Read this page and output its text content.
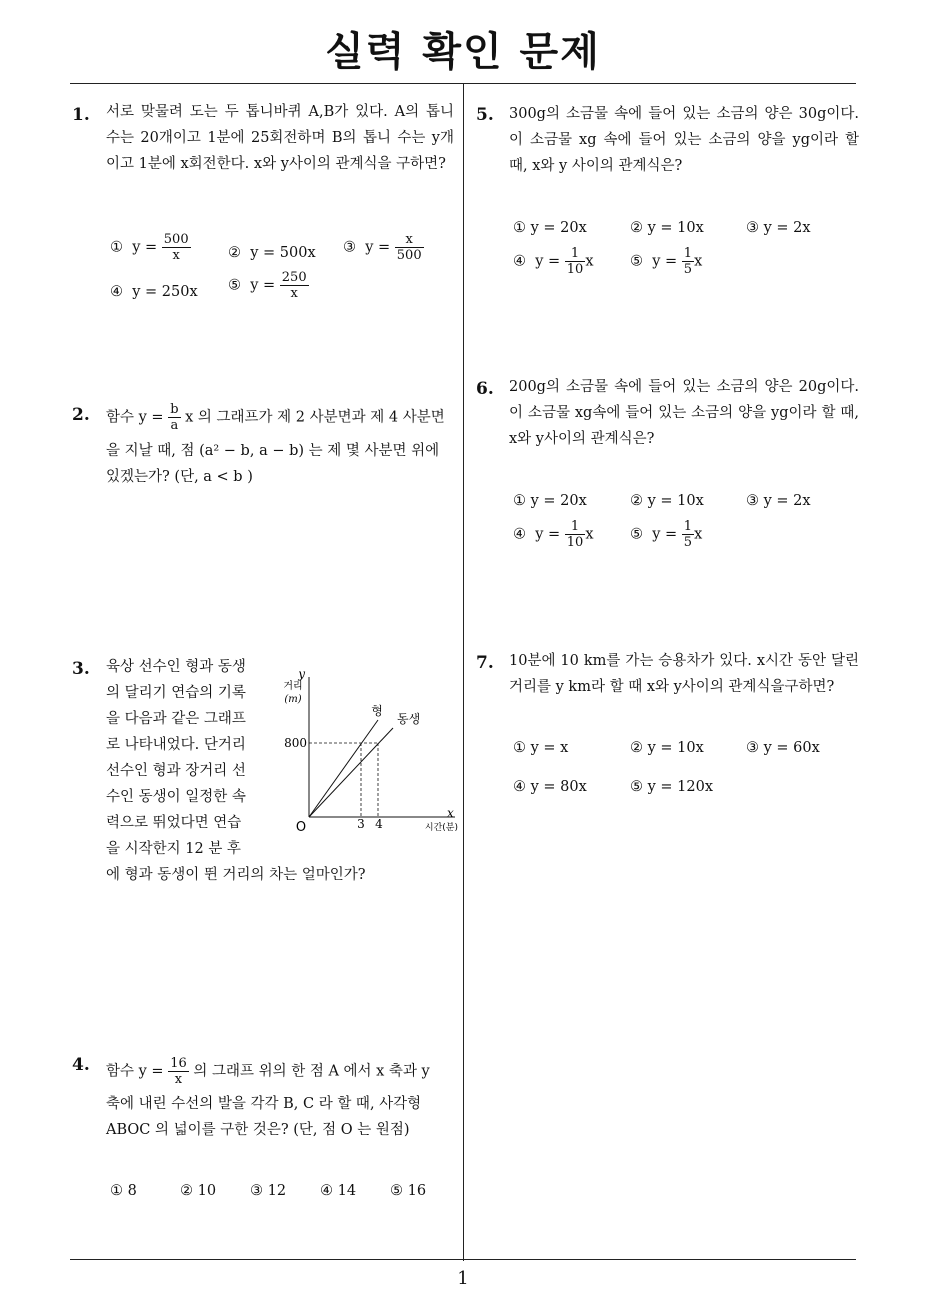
실력 확인 문제
1
1. 서로 맞물려 도는 두 톱니바퀴 A,B가 있다. A의 톱니 수는 20개이고 1분에 25회전하며 B의 톱니 수는 y개이고 1분에 x회전한다. x와 y사이의 관계식을 구하면?
① $y = \frac{500}{x}$	② y = 500x ③ $y = \frac{x}{500}$
④ y = 250x ⑤ $y = \frac{250}{x}$
2. 함수 $y = \frac{b}{a}$ x 의 그래프가 제 2 사분면과 제 4 사분면
을 지날 때, 점 (a² − b, a − b) 는 제 몇 사분면 위에
있겠는가? (단, a < b )
3. 육상 선수인 형과 동생
의 달리기 연습의 기록
을 다음과 같은 그래프
로 나타내었다. 단거리
선수인 형과 장거리 선
수인 동생이 일정한 속
력으로 뛰었다면 연습
을 시작한지 12 분 후
에 형과 동생이 뛴 거리의 차는 얼마인가?
y
거리
(m)
800
x
O	3 4	시간(분)
형
동생
4. 함수 $y = \frac{16}{x}$ 의 그래프 위의 한 점 A 에서 x 축과 y
축에 내린 수선의 발을 각각 B, C 라 할 때, 사각형
ABOC 의 넓이를 구한 것은? (단, 점 O 는 원점)
① 8	② 10 ③ 12 ④ 14 ⑤ 16
5. 300g의 소금물 속에 들어 있는 소금의 양은 30g이다. 이 소금물 xg 속에 들어 있는 소금의 양을 yg이라 할 때, x와 y 사이의 관계식은?
① y = 20x	② y = 10x	③ y = 2x
④ $y = \frac{1}{10}$ x	⑤ $y = \frac{1}{5}$ x
6. 200g의 소금물 속에 들어 있는 소금의 양은 20g이다. 이 소금물 xg속에 들어 있는 소금의 양을 yg이라 할 때, x와 y사이의 관계식은?
① y = 20x	② y = 10x	③ y = 2x
④ $y = \frac{1}{10}$ x	⑤ $y = \frac{1}{5}$ x
7. 10분에 10 km를 가는 승용차가 있다. x시간 동안 달린 거리를 y km라 할 때 x와 y사이의 관계식을구하면?
① y = x	② y = 10x	③ y = 60x
④ y = 80x	⑤ y = 120x
